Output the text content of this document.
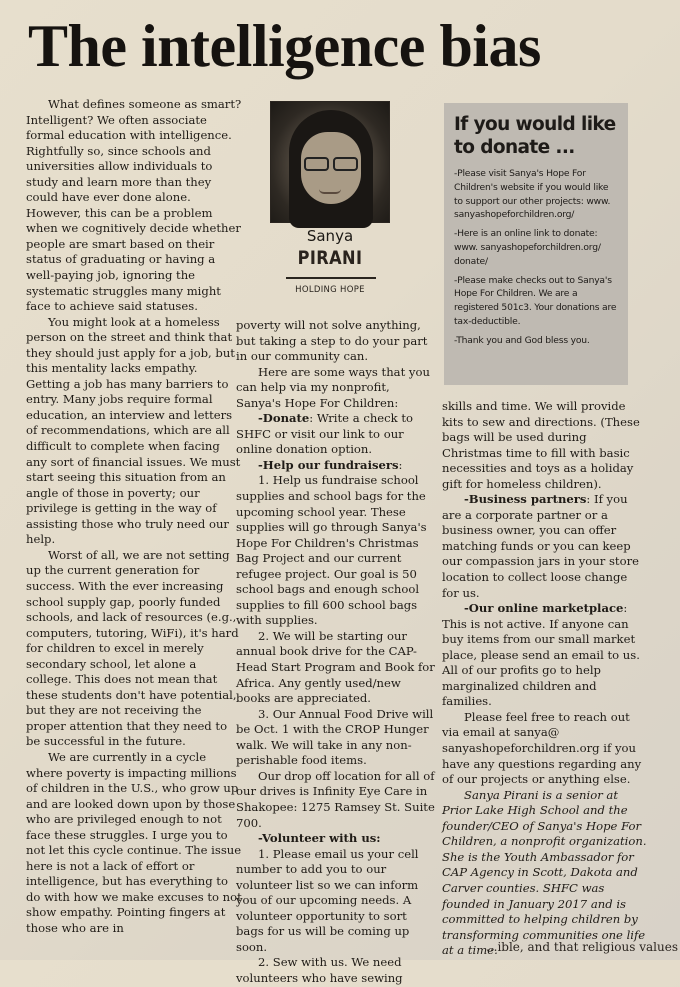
The intelligence bias

What defines someone as smart? Intelligent? We often associate formal education with intelligence. Rightfully so, since schools and universities allow individuals to study and learn more than they could have ever done alone. However, this can be a problem when we cognitively decide whether people are smart based on their status of graduating or having a well-paying job, ignoring the systematic struggles many might face to achieve said statuses.

You might look at a homeless person on the street and think that they should just apply for a job, but this mentality lacks empathy. Getting a job has many barriers to entry. Many jobs require formal education, an interview and letters of recommendations, which are all difficult to complete when facing any sort of financial issues. We must start seeing this situation from an angle of those in poverty; our privilege is getting in the way of assisting those who truly need our help.

Worst of all, we are not setting up the current generation for success. With the ever increasing school supply gap, poorly funded schools, and lack of resources (e.g., computers, tutoring, WiFi), it's hard for children to excel in merely secondary school, let alone a college. This does not mean that these students don't have potential, but they are not receiving the proper attention that they need to be successful in the future.

We are currently in a cycle where poverty is impacting millions of children in the U.S., who grow up and are looked down upon by those who are privileged enough to not face these struggles. I urge you to not let this cycle continue. The issue here is not a lack of effort or intelligence, but has everything to do with how we make excuses to not show empathy. Pointing fingers at those who are in

Sanya
PIRANI
HOLDING HOPE
If you would like to donate ...

-Please visit Sanya's Hope For Children's website if you would like to support our other projects: www. sanyashopeforchildren.org/

-Here is an online link to donate: www. sanyashopeforchildren.org/ donate/

-Please make checks out to Sanya's Hope For Children. We are a registered 501c3. Your donations are tax-deductible.

-Thank you and God bless you.

poverty will not solve anything, but taking a step to do your part in our community can.

Here are some ways that you can help via my nonprofit, Sanya's Hope For Children:

-Donate: Write a check to SHFC or visit our link to our online donation option.

-Help our fundraisers:

1. Help us fundraise school supplies and school bags for the upcoming school year. These supplies will go through Sanya's Hope For Children's Christmas Bag Project and our current refugee project. Our goal is 50 school bags and enough school supplies to fill 600 school bags with supplies.

2. We will be starting our annual book drive for the CAP-Head Start Program and Book for Africa. Any gently used/new books are appreciated.

3. Our Annual Food Drive will be Oct. 1 with the CROP Hunger walk. We will take in any non-perishable food items.

Our drop off location for all of our drives is Infinity Eye Care in Shakopee: 1275 Ramsey St. Suite 700.

-Volunteer with us:

1. Please email us your cell number to add you to our volunteer list so we can inform you of our upcoming needs. A volunteer opportunity to sort bags for us will be coming up soon.

2. Sew with us. We need volunteers who have sewing

skills and time. We will provide kits to sew and directions. (These bags will be used during Christmas time to fill with basic necessities and toys as a holiday gift for homeless children).

-Business partners: If you are a corporate partner or a business owner, you can offer matching funds or you can keep our compassion jars in your store location to collect loose change for us.

-Our online marketplace: This is not active. If anyone can buy items from our small market place, please send an email to us. All of our profits go to help marginalized children and families.

Please feel free to reach out via email at sanya@ sanyashopeforchildren.org if you have any questions regarding any of our projects or anything else.

Sanya Pirani is a senior at Prior Lake High School and the founder/CEO of Sanya's Hope For Children, a nonprofit organization. She is the Youth Ambassador for CAP Agency in Scott, Dakota and Carver counties. SHFC was founded in January 2017 and is committed to helping children by transforming communities one life at a time.

...ible, and that religious values
